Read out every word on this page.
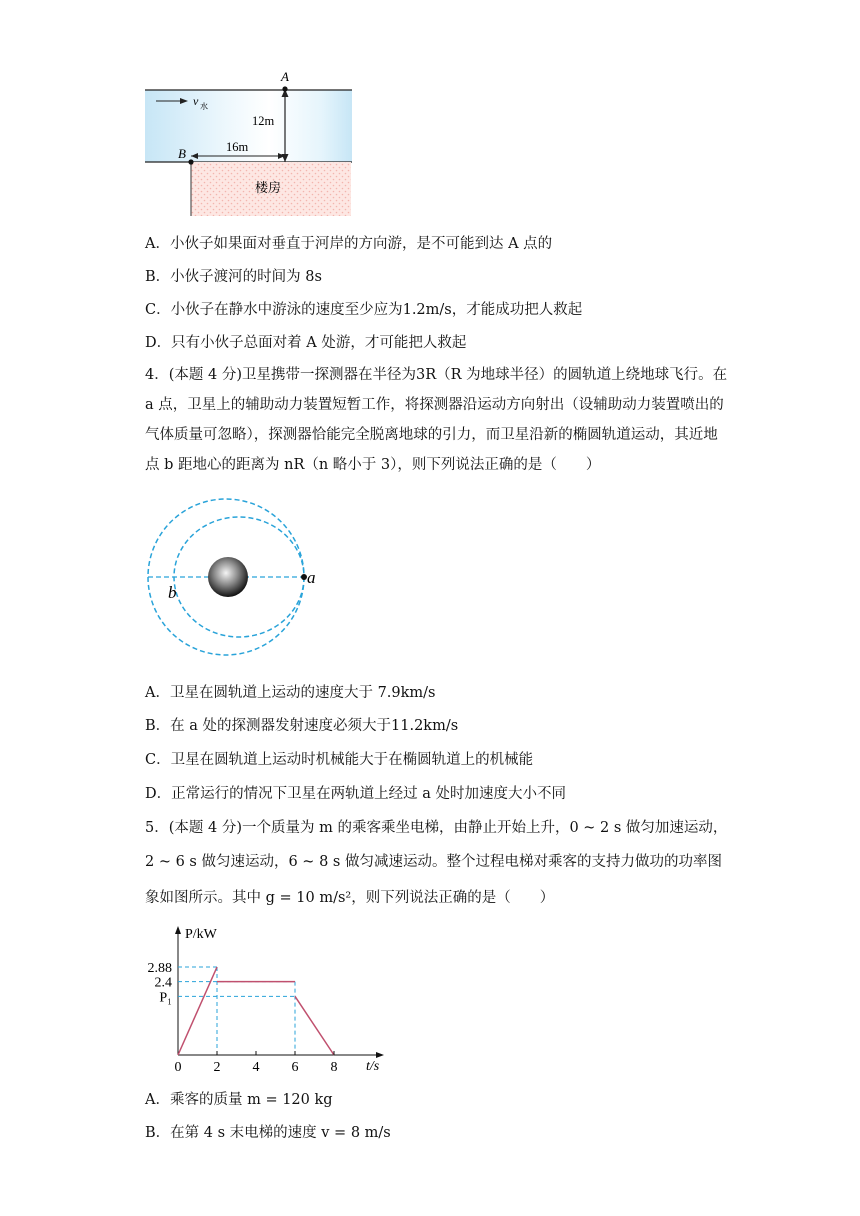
A
B
v 水
12m
16m
楼房
A．小伙子如果面对垂直于河岸的方向游，是不可能到达 A 点的
B．小伙子渡河的时间为 8s
C．小伙子在静水中游泳的速度至少应为1.2m/s，才能成功把人救起
D．只有小伙子总面对着 A 处游，才可能把人救起
4．(本题 4 分)卫星携带一探测器在半径为3R（R 为地球半径）的圆轨道上绕地球飞行。在 a 点，卫星上的辅助动力装置短暂工作，将探测器沿运动方向射出（设辅助动力装置喷出的气体质量可忽略），探测器恰能完全脱离地球的引力，而卫星沿新的椭圆轨道运动，其近地点 b 距地心的距离为 nR（n 略小于 3），则下列说法正确的是（　　）
a
b
A．卫星在圆轨道上运动的速度大于 7.9km/s
B．在 a 处的探测器发射速度必须大于11.2km/s
C．卫星在圆轨道上运动时机械能大于在椭圆轨道上的机械能
D．正常运行的情况下卫星在两轨道上经过 a 处时加速度大小不同
5．(本题 4 分)一个质量为 m 的乘客乘坐电梯，由静止开始上升，0 ~ 2 s 做匀加速运动，
2 ~ 6 s 做匀速运动，6 ~ 8 s 做匀减速运动。整个过程电梯对乘客的支持力做功的功率图
象如图所示。其中 g = 10 m/s²，则下列说法正确的是（　　）
P/kW
t/s
0 2 4 6 8
2.88
2.4
P₁
A．乘客的质量 m = 120 kg
B．在第 4 s 末电梯的速度 v = 8 m/s
